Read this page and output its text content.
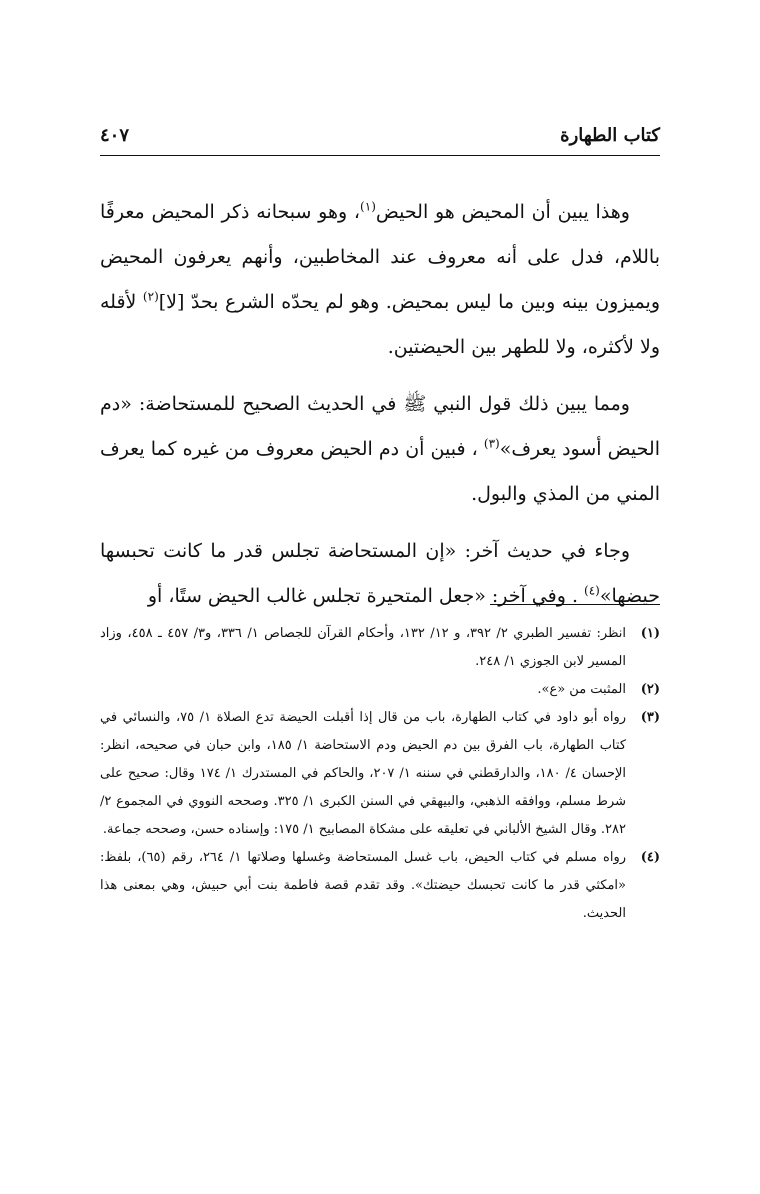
كتاب الطهارة
٤٠٧

وهذا يبين أن المحيض هو الحيض$^{(١)}$، وهو سبحانه ذكر المحيض معرفًا باللام، فدل على أنه معروف عند المخاطبين، وأنهم يعرفون المحيض ويميزون بينه وبين ما ليس بمحيض. وهو لم يحدّه الشرع بحدّ [لا]$^{(٢)}$ لأقله ولا لأكثره، ولا للطهر بين الحيضتين.

ومما يبين ذلك قول النبي ﷺ في الحديث الصحيح للمستحاضة: «دم الحيض أسود يعرف»$^{(٣)}$ ، فبين أن دم الحيض معروف من غيره كما يعرف المني من المذي والبول.

وجاء في حديث آخر: «إن المستحاضة تجلس قدر ما كانت تحبسها حيضها»$^{(٤)}$ . وفي آخر: «جعل المتحيرة تجلس غالب الحيض ستًا، أو

(١)
انظر: تفسير الطبري ٢/ ٣٩٢، و ١٢/ ١٣٢، وأحكام القرآن للجصاص ١/ ٣٣٦، و٣/ ٤٥٧ ـ ٤٥٨، وزاد المسير لابن الجوزي ١/ ٢٤٨.
(٢)
المثبت من «ع».
(٣)
رواه أبو داود في كتاب الطهارة، باب من قال إذا أقبلت الحيضة تدع الصلاة ١/ ٧٥، والنسائي في كتاب الطهارة، باب الفرق بين دم الحيض ودم الاستحاضة ١/ ١٨٥، وابن حبان في صحيحه، انظر: الإحسان ٤/ ١٨٠، والدارقطني في سننه ١/ ٢٠٧، والحاكم في المستدرك ١/ ١٧٤ وقال: صحيح على شرط مسلم، ووافقه الذهبي، والبيهقي في السنن الكبرى ١/ ٣٢٥. وصححه النووي في المجموع ٢/ ٢٨٢. وقال الشيخ الألباني في تعليقه على مشكاة المصابيح ١/ ١٧٥: وإسناده حسن، وصححه جماعة.
(٤)
رواه مسلم في كتاب الحيض، باب غسل المستحاضة وغسلها وصلاتها ١/ ٢٦٤، رقم (٦٥)، بلفظ: «امكثي قدر ما كانت تحبسك حيضتك». وقد تقدم قصة فاطمة بنت أبي حبيش، وهي بمعنى هذا الحديث.
